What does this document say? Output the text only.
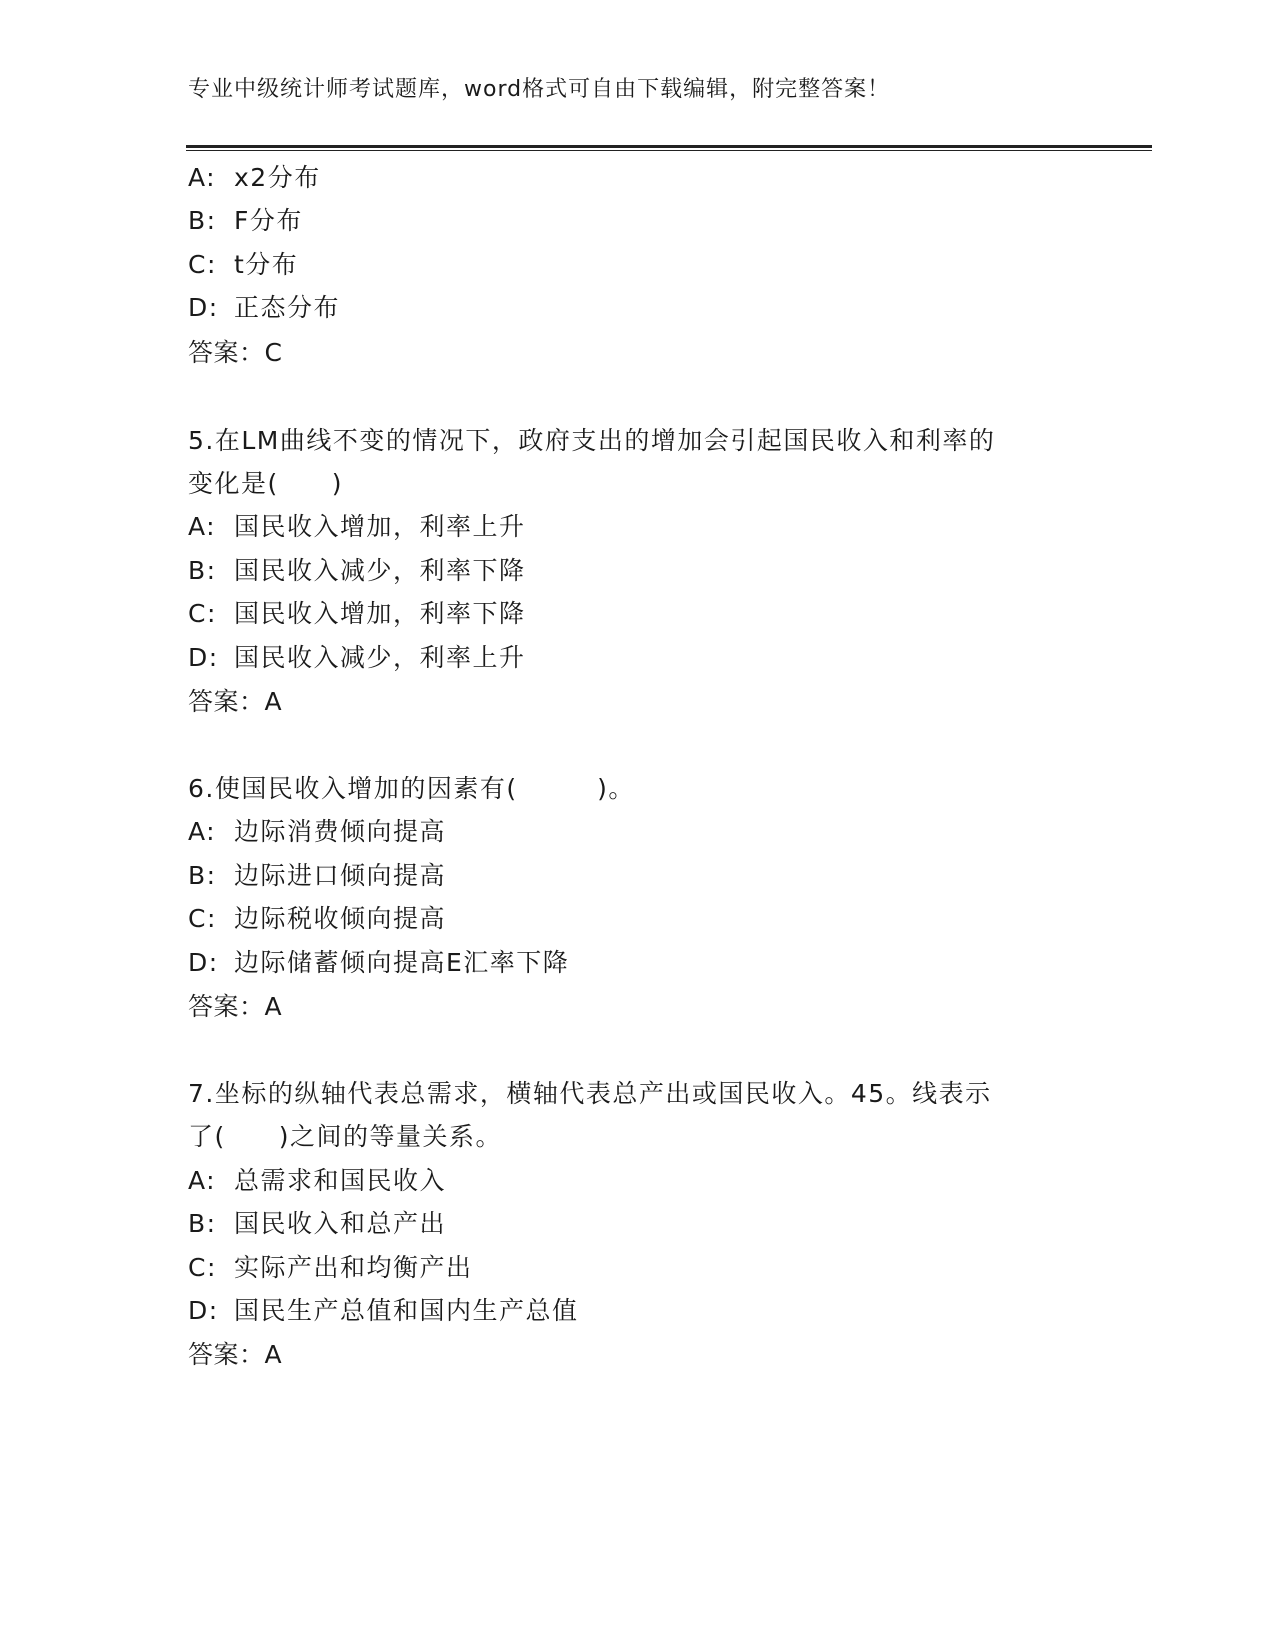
专业中级统计师考试题库，word格式可自由下载编辑，附完整答案！
A: x2分布
B: F分布
C: t分布
D: 正态分布
答案：C
5.在LM曲线不变的情况下，政府支出的增加会引起国民收入和利率的
变化是(　　)
A: 国民收入增加，利率上升
B: 国民收入减少，利率下降
C: 国民收入增加，利率下降
D: 国民收入减少，利率上升
答案：A
6.使国民收入增加的因素有(　　　)。
A: 边际消费倾向提高
B: 边际进口倾向提高
C: 边际税收倾向提高
D: 边际储蓄倾向提高E汇率下降
答案：A
7.坐标的纵轴代表总需求，横轴代表总产出或国民收入。45。线表示
了(　　)之间的等量关系。
A: 总需求和国民收入
B: 国民收入和总产出
C: 实际产出和均衡产出
D: 国民生产总值和国内生产总值
答案：A
